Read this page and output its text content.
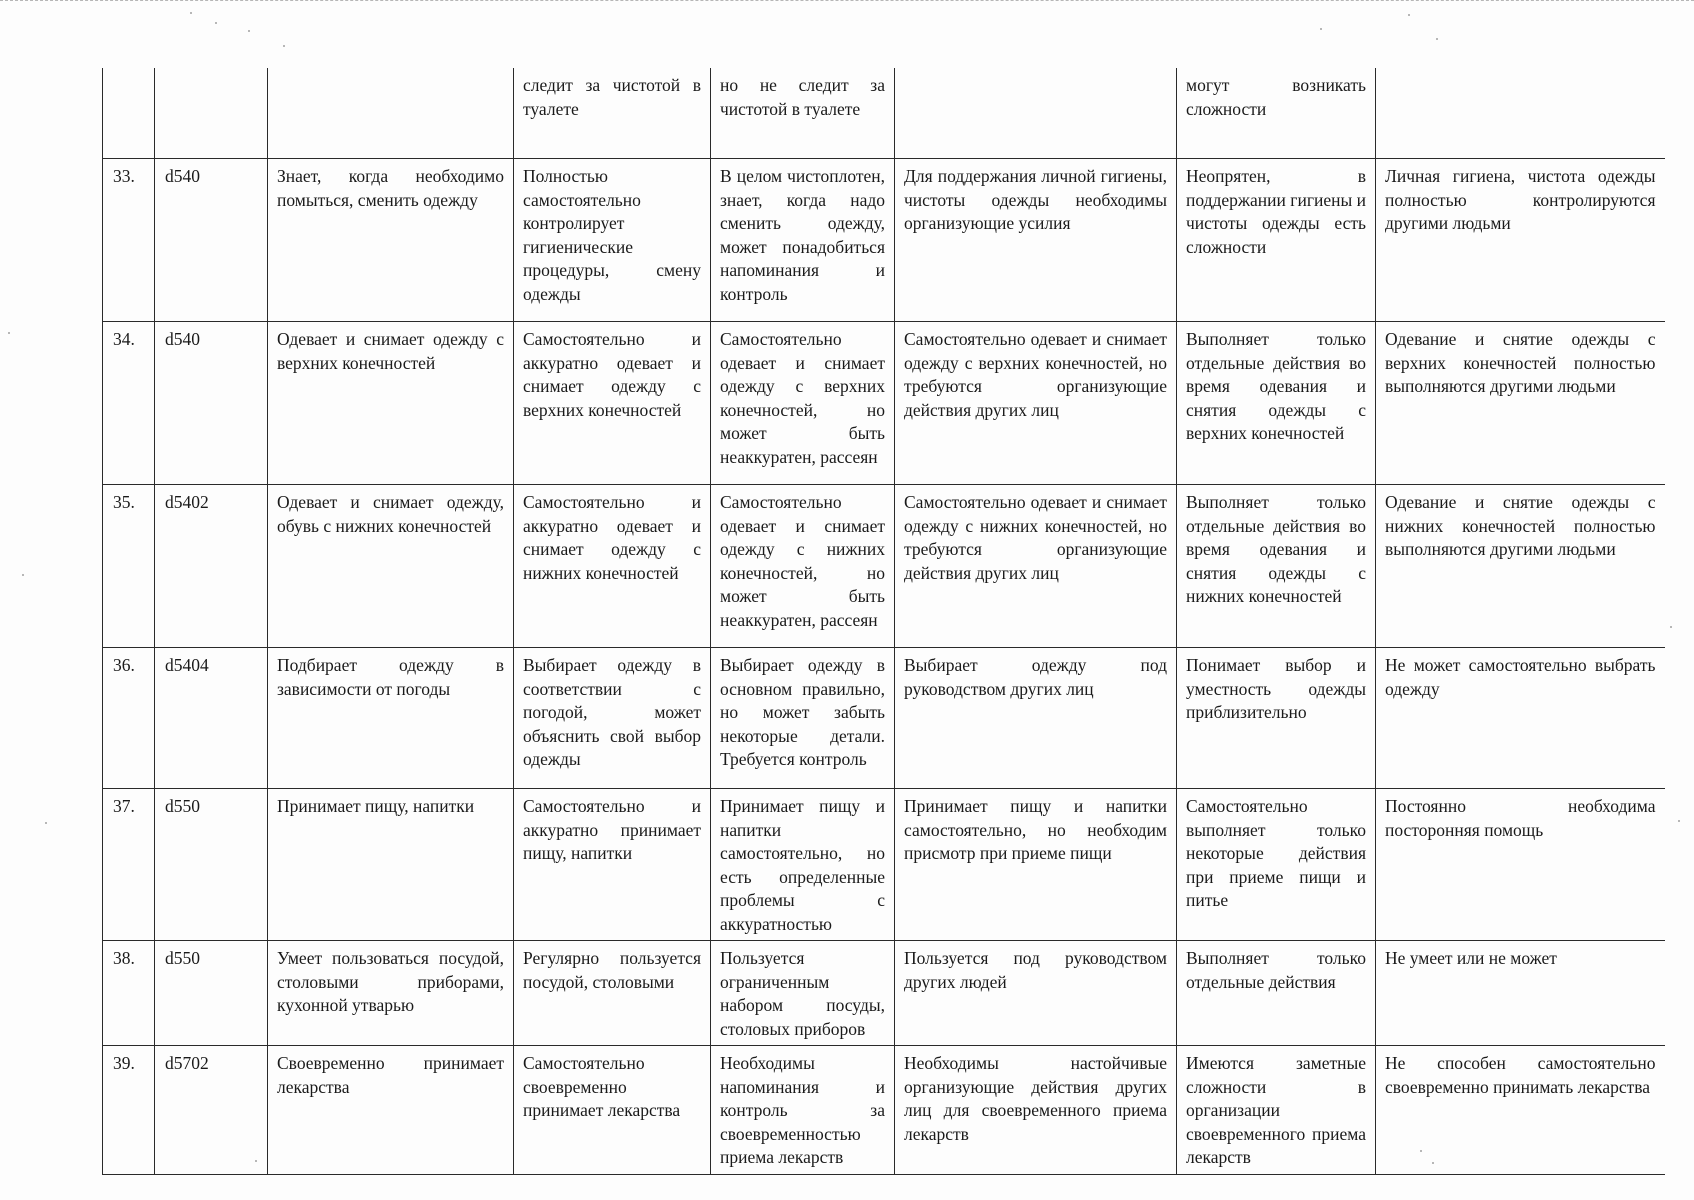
			следит за чистотой в туалете	но не следит за чистотой в туалете		могут возникать сложности	
33.	d540	Знает, когда необходимо помыться, сменить одежду	Полностью самостоятельно контролирует гигиенические процедуры, смену одежды	В целом чистоплотен, знает, когда надо сменить одежду, может понадобиться напоминания и контроль	Для поддержания личной гигиены, чистоты одежды необходимы организующие усилия	Неопрятен, в поддержании гигиены и чистоты одежды есть сложности	Личная гигиена, чистота одежды полностью контролируются другими людьми
34.	d540	Одевает и снимает одежду с верхних конечностей	Самостоятельно и аккуратно одевает и снимает одежду с верхних конечностей	Самостоятельно одевает и снимает одежду с верхних конечностей, но может быть неаккуратен, рассеян	Самостоятельно одевает и снимает одежду с верхних конечностей, но требуются организующие действия других лиц	Выполняет только отдельные действия во время одевания и снятия одежды с верхних конечностей	Одевание и снятие одежды с верхних конечностей полностью выполняются другими людьми
35.	d5402	Одевает и снимает одежду, обувь с нижних конечностей	Самостоятельно и аккуратно одевает и снимает одежду с нижних конечностей	Самостоятельно одевает и снимает одежду с нижних конечностей, но может быть неаккуратен, рассеян	Самостоятельно одевает и снимает одежду с нижних конечностей, но требуются организующие действия других лиц	Выполняет только отдельные действия во время одевания и снятия одежды с нижних конечностей	Одевание и снятие одежды с нижних конечностей полностью выполняются другими людьми
36.	d5404	Подбирает одежду в зависимости от погоды	Выбирает одежду в соответствии с погодой, может объяснить свой выбор одежды	Выбирает одежду в основном правильно, но может забыть некоторые детали. Требуется контроль	Выбирает одежду под руководством других лиц	Понимает выбор и уместность одежды приблизительно	Не может самостоятельно выбрать одежду
37.	d550	Принимает пищу, напитки	Самостоятельно и аккуратно принимает пищу, напитки	Принимает пищу и напитки самостоятельно, но есть определенные проблемы с аккуратностью	Принимает пищу и напитки самостоятельно, но необходим присмотр при приеме пищи	Самостоятельно выполняет только некоторые действия при приеме пищи и питье	Постоянно необходима посторонняя помощь
38.	d550	Умеет пользоваться посудой, столовыми приборами, кухонной утварью	Регулярно пользуется посудой, столовыми	Пользуется ограниченным набором посуды, столовых приборов	Пользуется под руководством других людей	Выполняет только отдельные действия	Не умеет или не может
39.	d5702	Своевременно принимает лекарства	Самостоятельно своевременно принимает лекарства	Необходимы напоминания и контроль за своевременностью приема лекарств	Необходимы настойчивые организующие действия других лиц для своевременного приема лекарств	Имеются заметные сложности в организации своевременного приема лекарств	Не способен самостоятельно своевременно принимать лекарства
